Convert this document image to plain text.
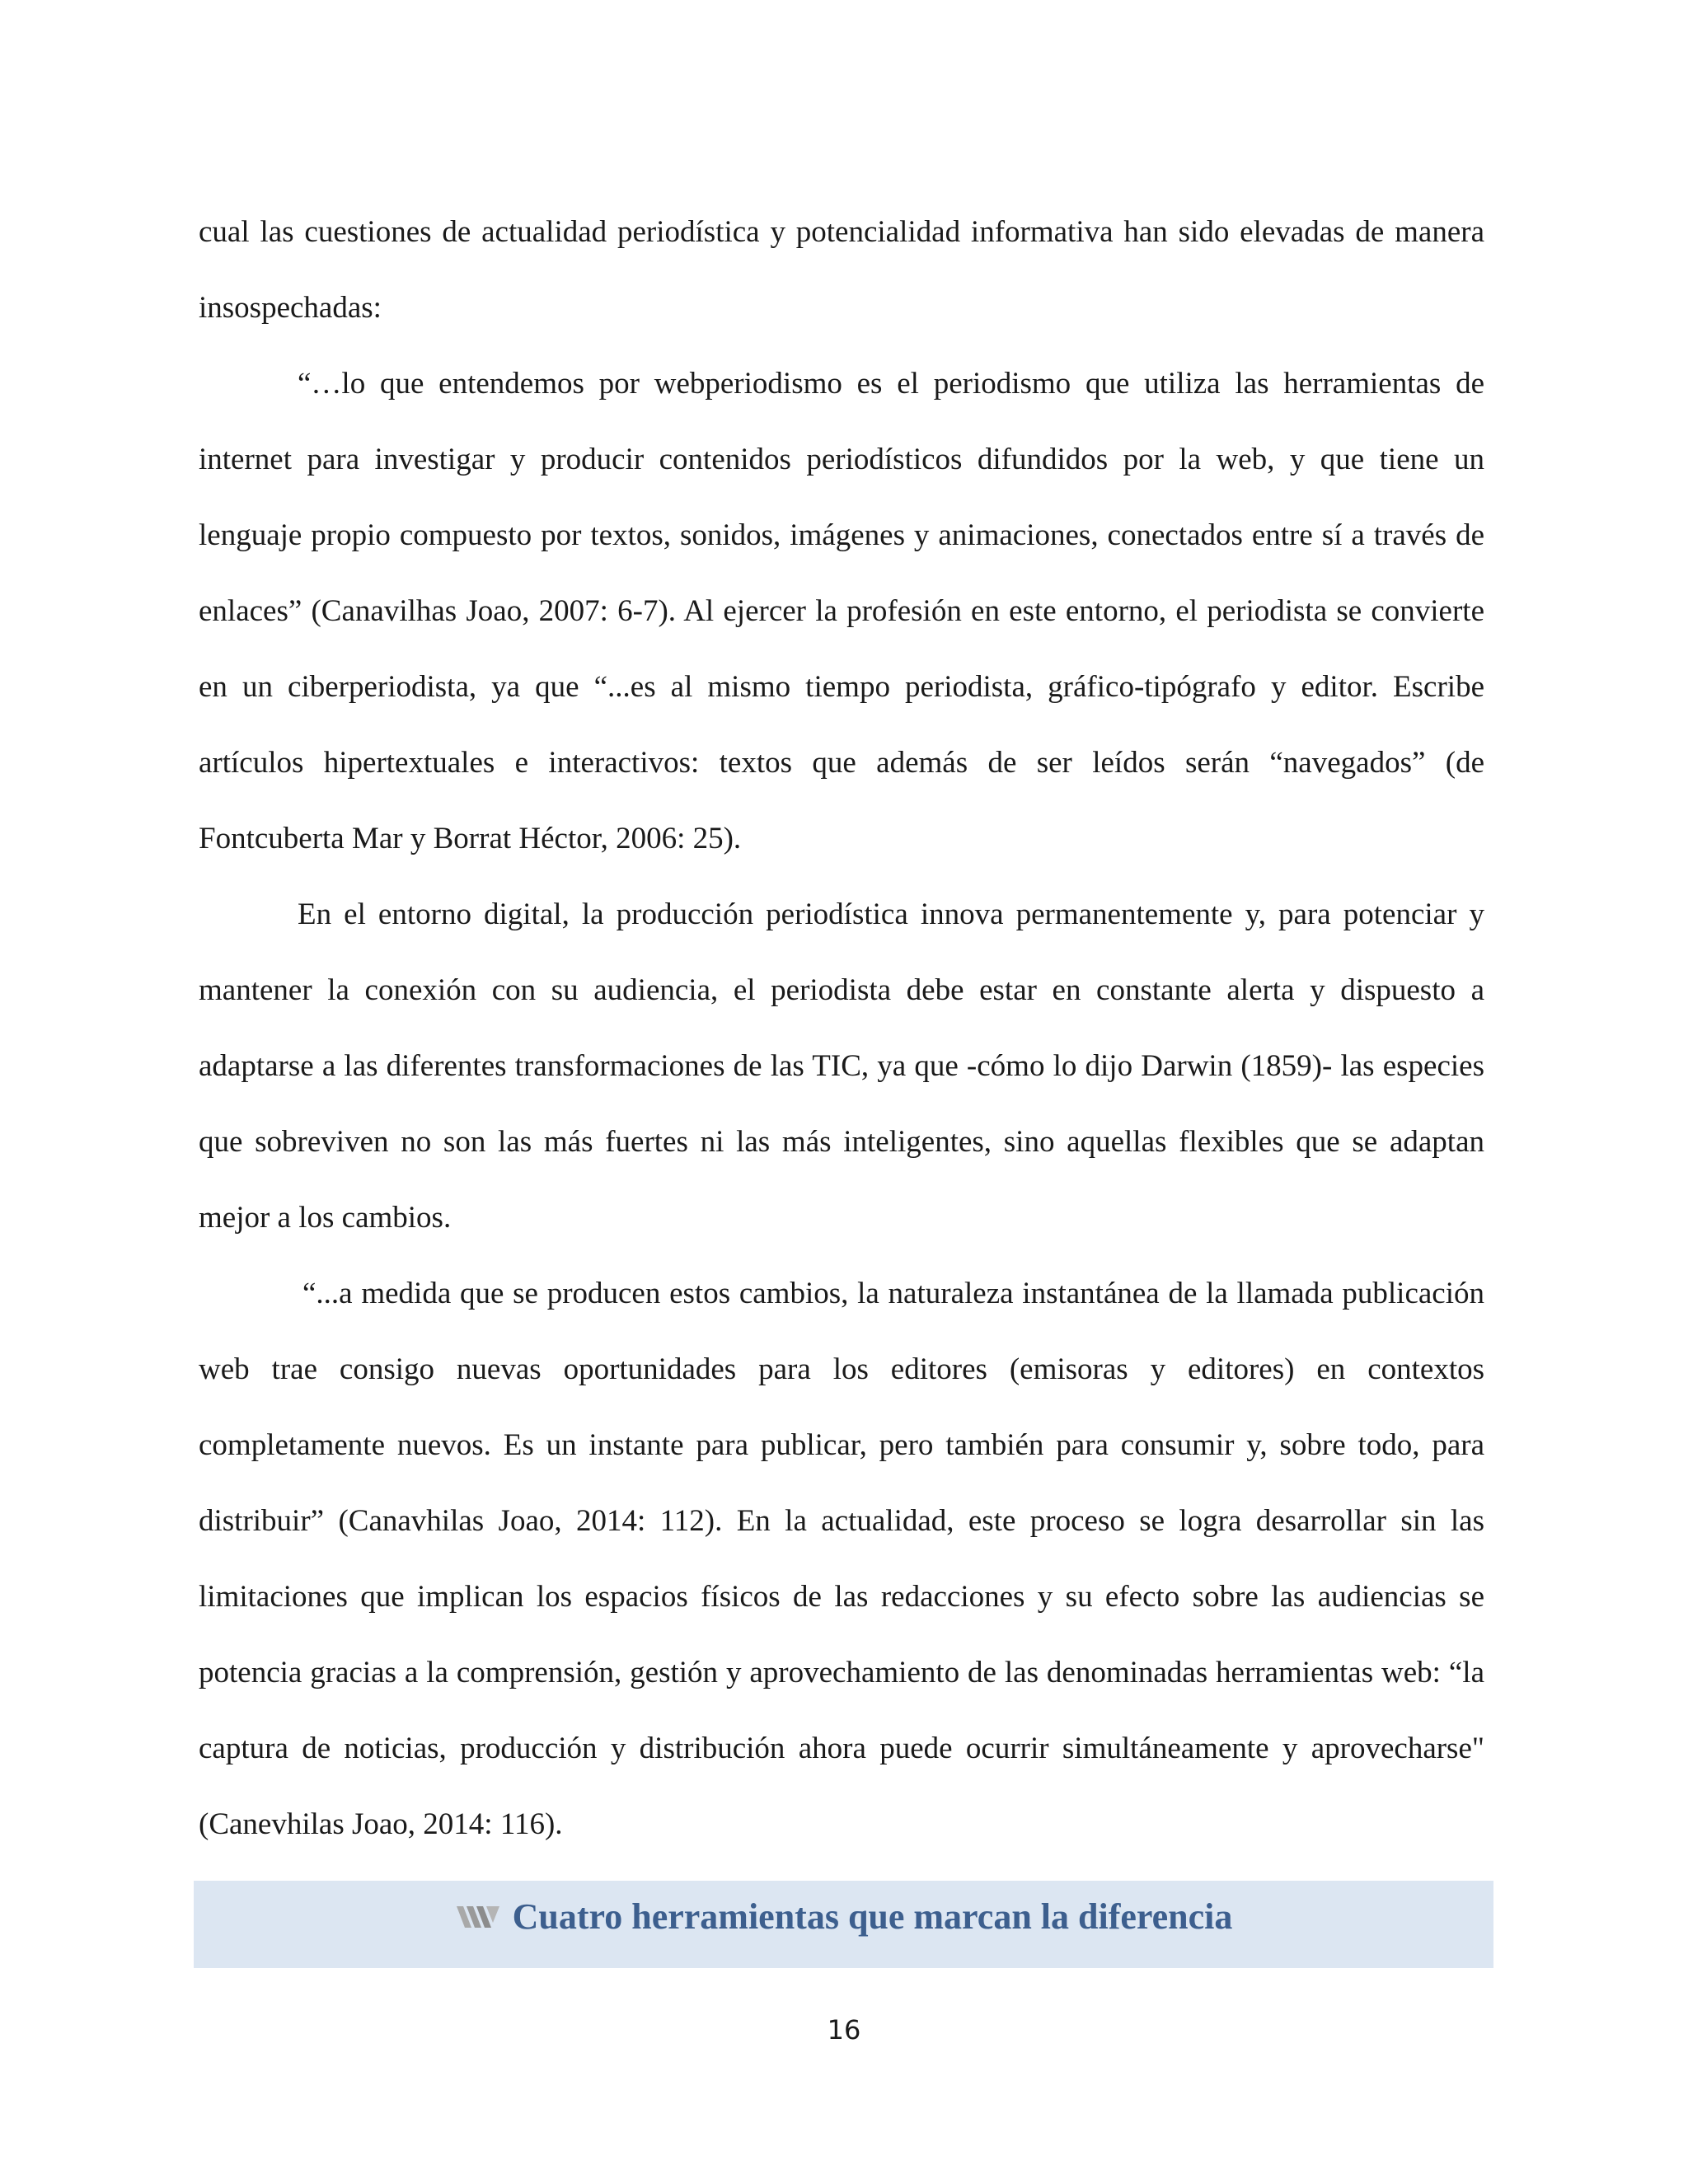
cual las cuestiones de actualidad periodística y potencialidad informativa han sido elevadas de manera insospechadas:

“…lo que entendemos por webperiodismo es el periodismo que utiliza las herramientas de internet para investigar y producir contenidos periodísticos difundidos por la web, y que tiene un lenguaje propio compuesto por textos, sonidos, imágenes y animaciones, conectados entre sí a través de enlaces” (Canavilhas Joao, 2007: 6-7). Al ejercer la profesión en este entorno, el periodista se convierte en un ciberperiodista, ya que “...es al mismo tiempo periodista, gráfico-tipógrafo y editor. Escribe artículos hipertextuales e interactivos: textos que además de ser leídos serán “navegados” (de Fontcuberta Mar y Borrat Héctor, 2006: 25).

En el entorno digital, la producción periodística innova permanentemente y, para potenciar y mantener la conexión con su audiencia, el periodista debe estar en constante alerta y dispuesto a adaptarse a las diferentes transformaciones de las TIC, ya que -cómo lo dijo Darwin (1859)- las especies que sobreviven no son las más fuertes ni las más inteligentes, sino aquellas flexibles que se adaptan mejor a los cambios.

“...a medida que se producen estos cambios, la naturaleza instantánea de la llamada publicación web trae consigo nuevas oportunidades para los editores (emisoras y editores) en contextos completamente nuevos. Es un instante para publicar, pero también para consumir y, sobre todo, para distribuir” (Canavhilas Joao, 2014: 112). En la actualidad, este proceso se logra desarrollar sin las limitaciones que implican los espacios físicos de las redacciones y su efecto sobre las audiencias se potencia gracias a la comprensión, gestión y aprovechamiento de las denominadas herramientas web: “la captura de noticias, producción y distribución ahora puede ocurrir simultáneamente y aprovecharse" (Canevhilas Joao, 2014: 116).

Cuatro herramientas que marcan la diferencia
16
